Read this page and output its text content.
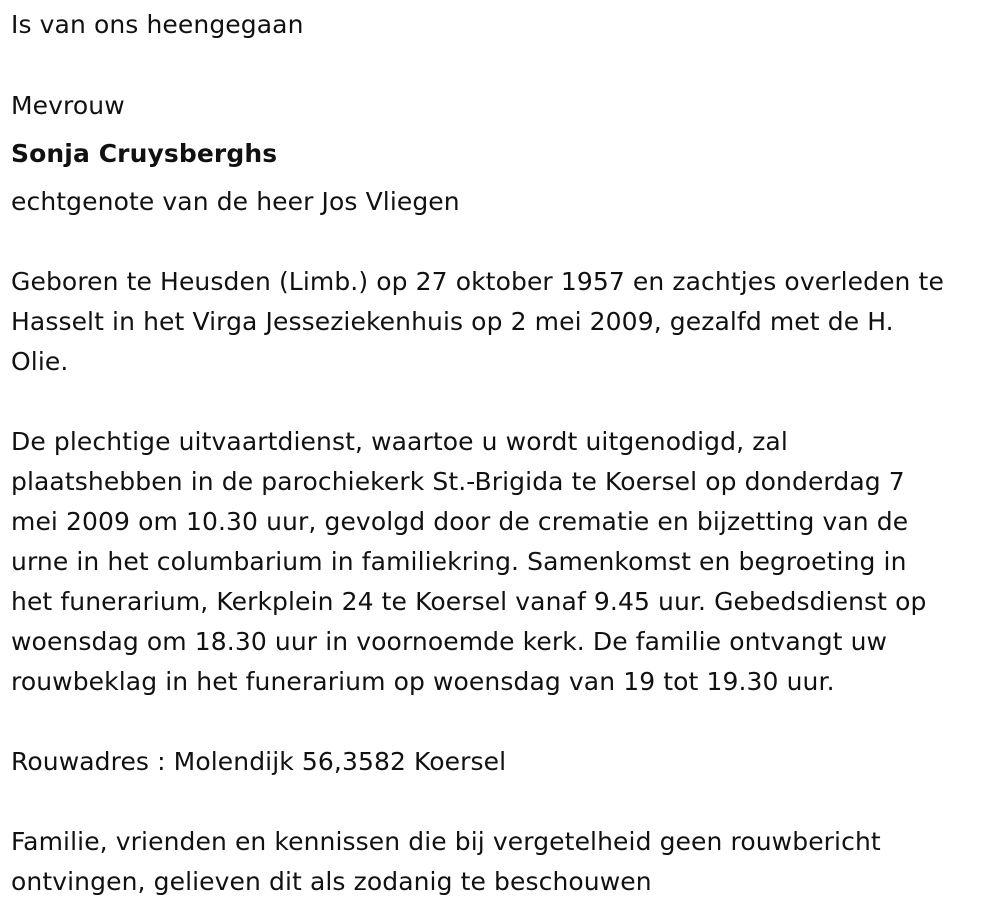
Is van ons heengegaan
Mevrouw
Sonja Cruysberghs
echtgenote van de heer Jos Vliegen
Geboren te Heusden (Limb.) op 27 oktober 1957 en zachtjes overleden te
Hasselt in het Virga Jesseziekenhuis op 2 mei 2009, gezalfd met de H.
Olie.
De plechtige uitvaartdienst, waartoe u wordt uitgenodigd, zal
plaatshebben in de parochiekerk St.-Brigida te Koersel op donderdag 7
mei 2009 om 10.30 uur, gevolgd door de crematie en bijzetting van de
urne in het columbarium in familiekring. Samenkomst en begroeting in
het funerarium, Kerkplein 24 te Koersel vanaf 9.45 uur. Gebedsdienst op
woensdag om 18.30 uur in voornoemde kerk. De familie ontvangt uw
rouwbeklag in het funerarium op woensdag van 19 tot 19.30 uur.
Rouwadres : Molendijk 56,3582 Koersel
Familie, vrienden en kennissen die bij vergetelheid geen rouwbericht
ontvingen, gelieven dit als zodanig te beschouwen
